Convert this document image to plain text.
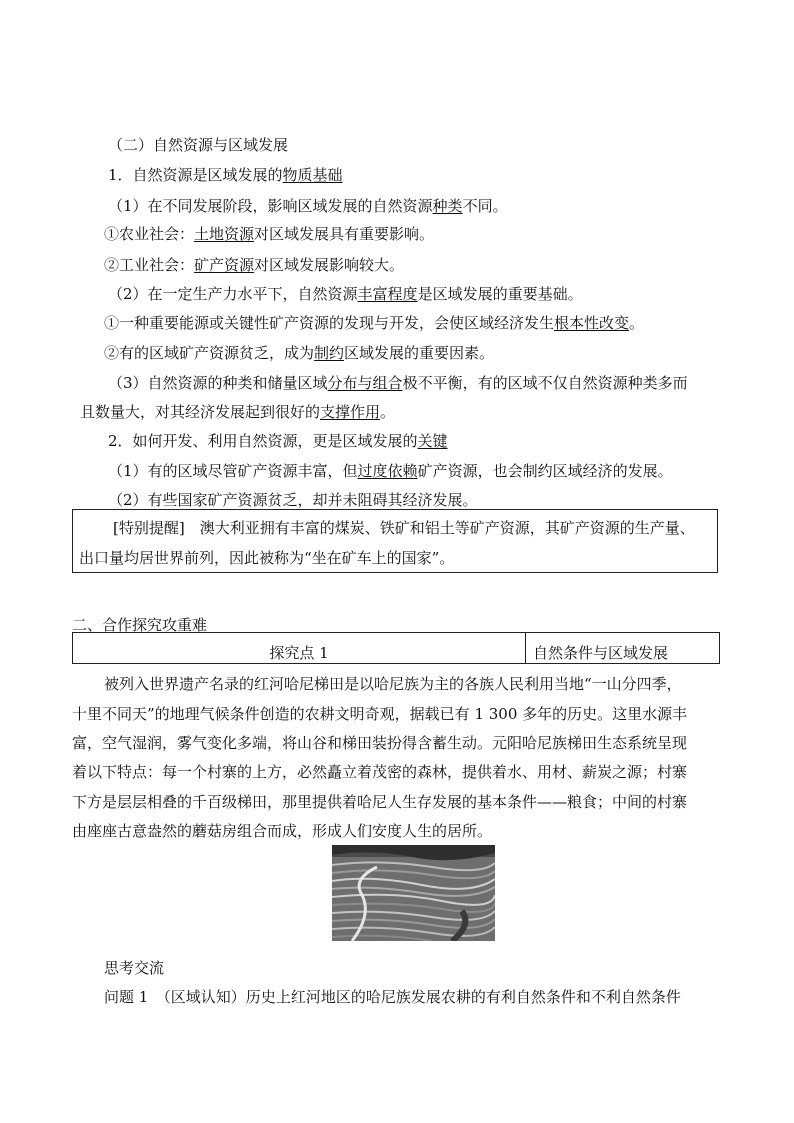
（二）自然资源与区域发展
1．自然资源是区域发展的物质基础
（1）在不同发展阶段，影响区域发展的自然资源种类不同。
①农业社会：土地资源对区域发展具有重要影响。
②工业社会：矿产资源对区域发展影响较大。
（2）在一定生产力水平下，自然资源丰富程度是区域发展的重要基础。
①一种重要能源或关键性矿产资源的发现与开发，会使区域经济发生根本性改变。
②有的区域矿产资源贫乏，成为制约区域发展的重要因素。
（3）自然资源的种类和储量区域分布与组合极不平衡，有的区域不仅自然资源种类多而
且数量大，对其经济发展起到很好的支撑作用。
2．如何开发、利用自然资源，更是区域发展的关键
（1）有的区域尽管矿产资源丰富，但过度依赖矿产资源，也会制约区域经济的发展。
（2）有些国家矿产资源贫乏，却并未阻碍其经济发展。
[特别提醒]　澳大利亚拥有丰富的煤炭、铁矿和铝土等矿产资源，其矿产资源的生产量、
出口量均居世界前列，因此被称为“坐在矿车上的国家”。
二、合作探究攻重难
探究点 1	自然条件与区域发展
被列入世界遗产名录的红河哈尼梯田是以哈尼族为主的各族人民利用当地“一山分四季，
十里不同天”的地理气候条件创造的农耕文明奇观，据载已有 1 300 多年的历史。这里水源丰
富，空气湿润，雾气变化多端，将山谷和梯田装扮得含蓄生动。元阳哈尼族梯田生态系统呈现
着以下特点：每一个村寨的上方，必然矗立着茂密的森林，提供着水、用材、薪炭之源；村寨
下方是层层相叠的千百级梯田，那里提供着哈尼人生存发展的基本条件——粮食；中间的村寨
由座座古意盎然的蘑菇房组合而成，形成人们安度人生的居所。
思考交流
问题 1　（区域认知）历史上红河地区的哈尼族发展农耕的有利自然条件和不利自然条件
